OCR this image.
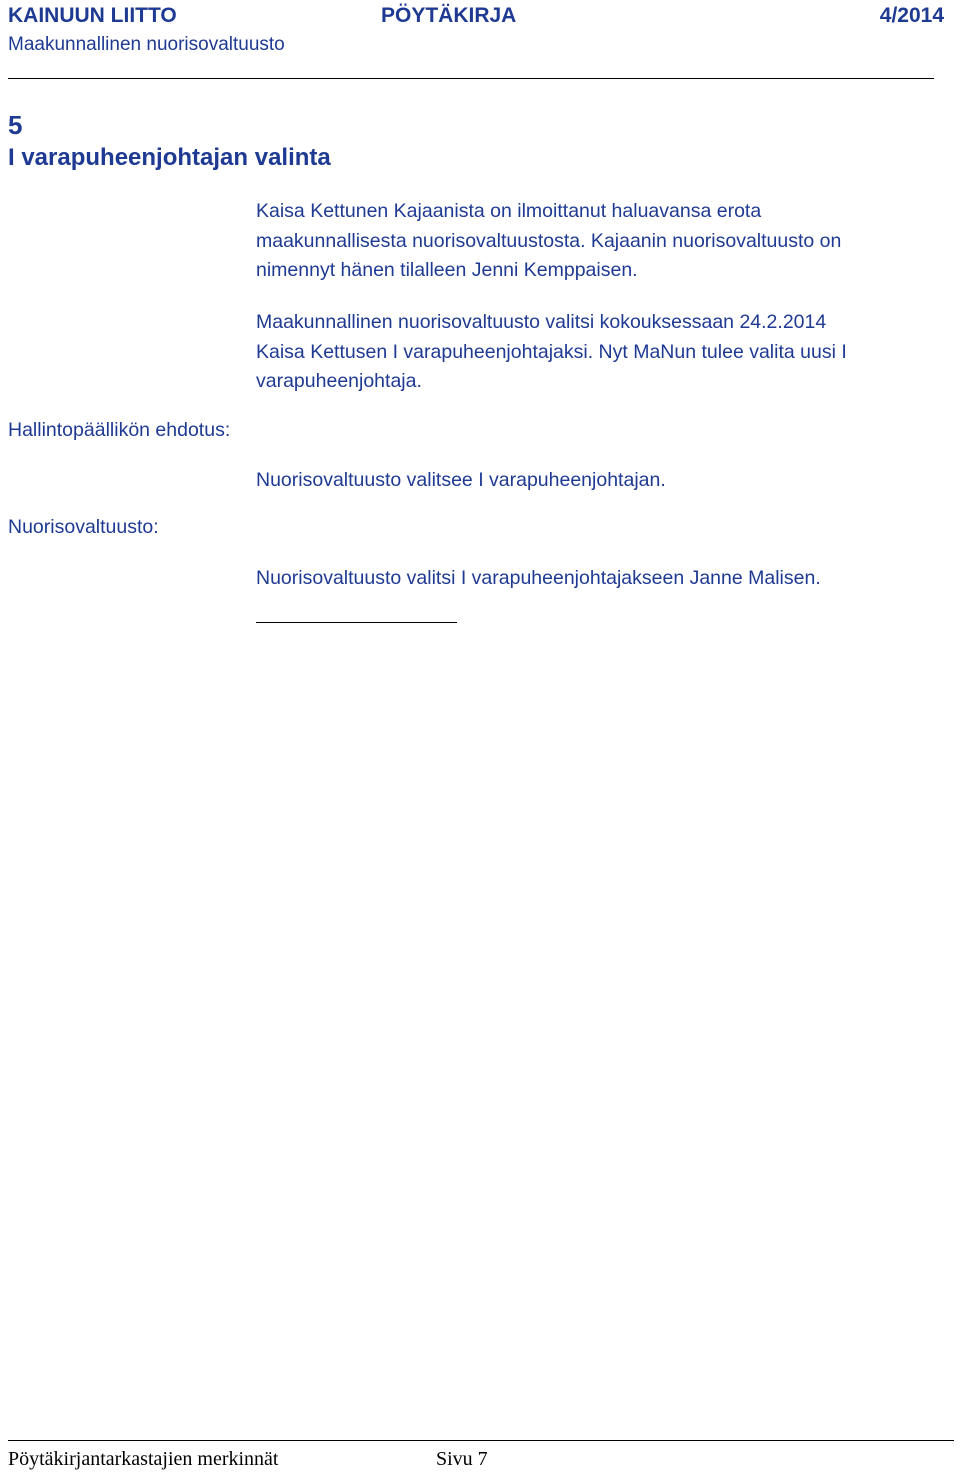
KAINUUN LIITTO	PÖYTÄKIRJA	4/2014
Maakunnallinen nuorisovaltuusto
5
I varapuheenjohtajan valinta
Kaisa Kettunen Kajaanista on ilmoittanut haluavansa erota
maakunnallisesta nuorisovaltuustosta. Kajaanin nuorisovaltuusto on
nimennyt hänen tilalleen Jenni Kemppaisen.
Maakunnallinen nuorisovaltuusto valitsi kokouksessaan 24.2.2014
Kaisa Kettusen I varapuheenjohtajaksi. Nyt MaNun tulee valita uusi I
varapuheenjohtaja.
Hallintopäällikön ehdotus:
Nuorisovaltuusto valitsee I varapuheenjohtajan.
Nuorisovaltuusto:
Nuorisovaltuusto valitsi I varapuheenjohtajakseen Janne Malisen.
Pöytäkirjantarkastajien merkinnät	Sivu 7
